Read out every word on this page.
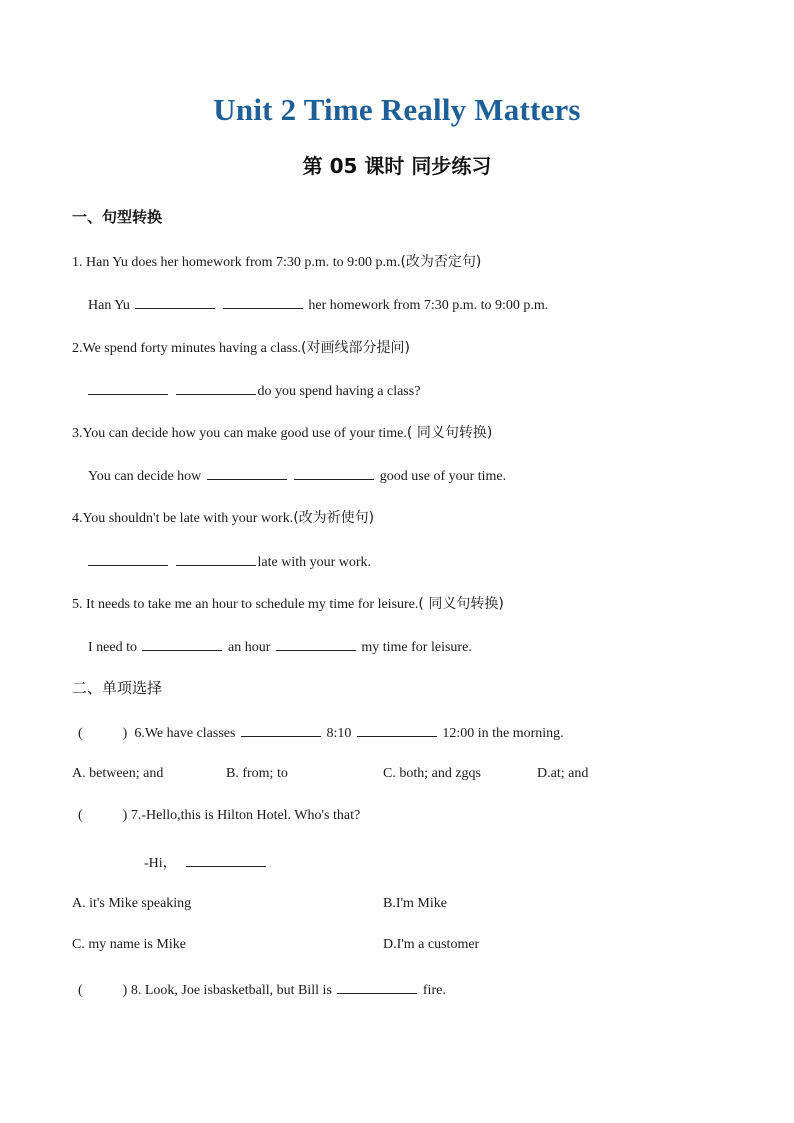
Unit 2 Time Really Matters
第 05 课时 同步练习
一、句型转换
1. Han Yu does her homework from 7:30 p.m. to 9:00 p.m.(改为否定句)
Han Yu	her homework from 7:30 p.m. to 9:00 p.m.
2.We spend forty minutes having a class.(对画线部分提问)
do you spend having a class?
3.You can decide how you can make good use of your time.( 同义句转换)
You can decide how	good use of your time.
4.You shouldn't be late with your work.(改为祈使句)
late with your work.
5. It needs to take me an hour to schedule my time for leisure.( 同义句转换)
I need to	an hour	my time for leisure.
二、单项选择
(	) 6.We have classes	8:10	12:00 in the morning.
A. between; and	B. from; to	C. both; and zgqs	D.at; and
(	) 7.-Hello,this is Hilton Hotel. Who's that?
-Hi，
A. it's Mike speaking	B.I'm Mike
C. my name is Mike	D.I'm a customer
(	) 8. Look, Joe isbasketball, but Bill is	fire.
